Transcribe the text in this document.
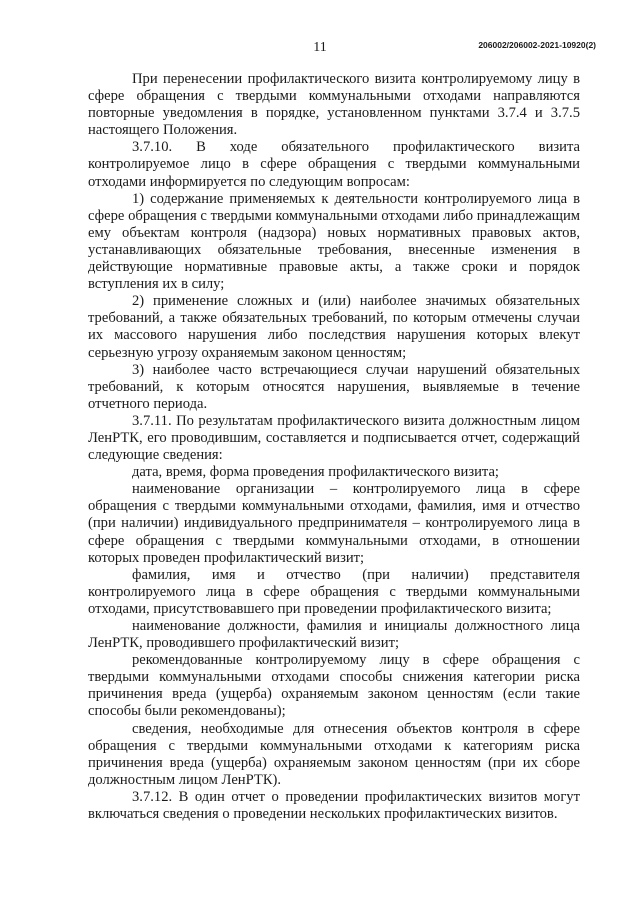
11	206002/206002-2021-10920(2)

При перенесении профилактического визита контролируемому лицу в сфере обращения с твердыми коммунальными отходами направляются повторные уведомления в порядке, установленном пунктами 3.7.4 и 3.7.5 настоящего Положения.

3.7.10. В ходе обязательного профилактического визита контролируемое лицо в сфере обращения с твердыми коммунальными отходами информируется по следующим вопросам:

1) содержание применяемых к деятельности контролируемого лица в сфере обращения с твердыми коммунальными отходами либо принадлежащим ему объектам контроля (надзора) новых нормативных правовых актов, устанавливающих обязательные требования, внесенные изменения в действующие нормативные правовые акты, а также сроки и порядок вступления их в силу;

2) применение сложных и (или) наиболее значимых обязательных требований, а также обязательных требований, по которым отмечены случаи их массового нарушения либо последствия нарушения которых влекут серьезную угрозу охраняемым законом ценностям;

3) наиболее часто встречающиеся случаи нарушений обязательных требований, к которым относятся нарушения, выявляемые в течение отчетного периода.

3.7.11. По результатам профилактического визита должностным лицом ЛенРТК, его проводившим, составляется и подписывается отчет, содержащий следующие сведения:

дата, время, форма проведения профилактического визита;

наименование организации – контролируемого лица в сфере обращения с твердыми коммунальными отходами, фамилия, имя и отчество (при наличии) индивидуального предпринимателя – контролируемого лица в сфере обращения с твердыми коммунальными отходами, в отношении которых проведен профилактический визит;

фамилия, имя и отчество (при наличии) представителя контролируемого лица в сфере обращения с твердыми коммунальными отходами, присутствовавшего при проведении профилактического визита;

наименование должности, фамилия и инициалы должностного лица ЛенРТК, проводившего профилактический визит;

рекомендованные контролируемому лицу в сфере обращения с твердыми коммунальными отходами способы снижения категории риска причинения вреда (ущерба) охраняемым законом ценностям (если такие способы были рекомендованы);

сведения, необходимые для отнесения объектов контроля в сфере обращения с твердыми коммунальными отходами к категориям риска причинения вреда (ущерба) охраняемым законом ценностям (при их сборе должностным лицом ЛенРТК).

3.7.12. В один отчет о проведении профилактических визитов могут включаться сведения о проведении нескольких профилактических визитов.
